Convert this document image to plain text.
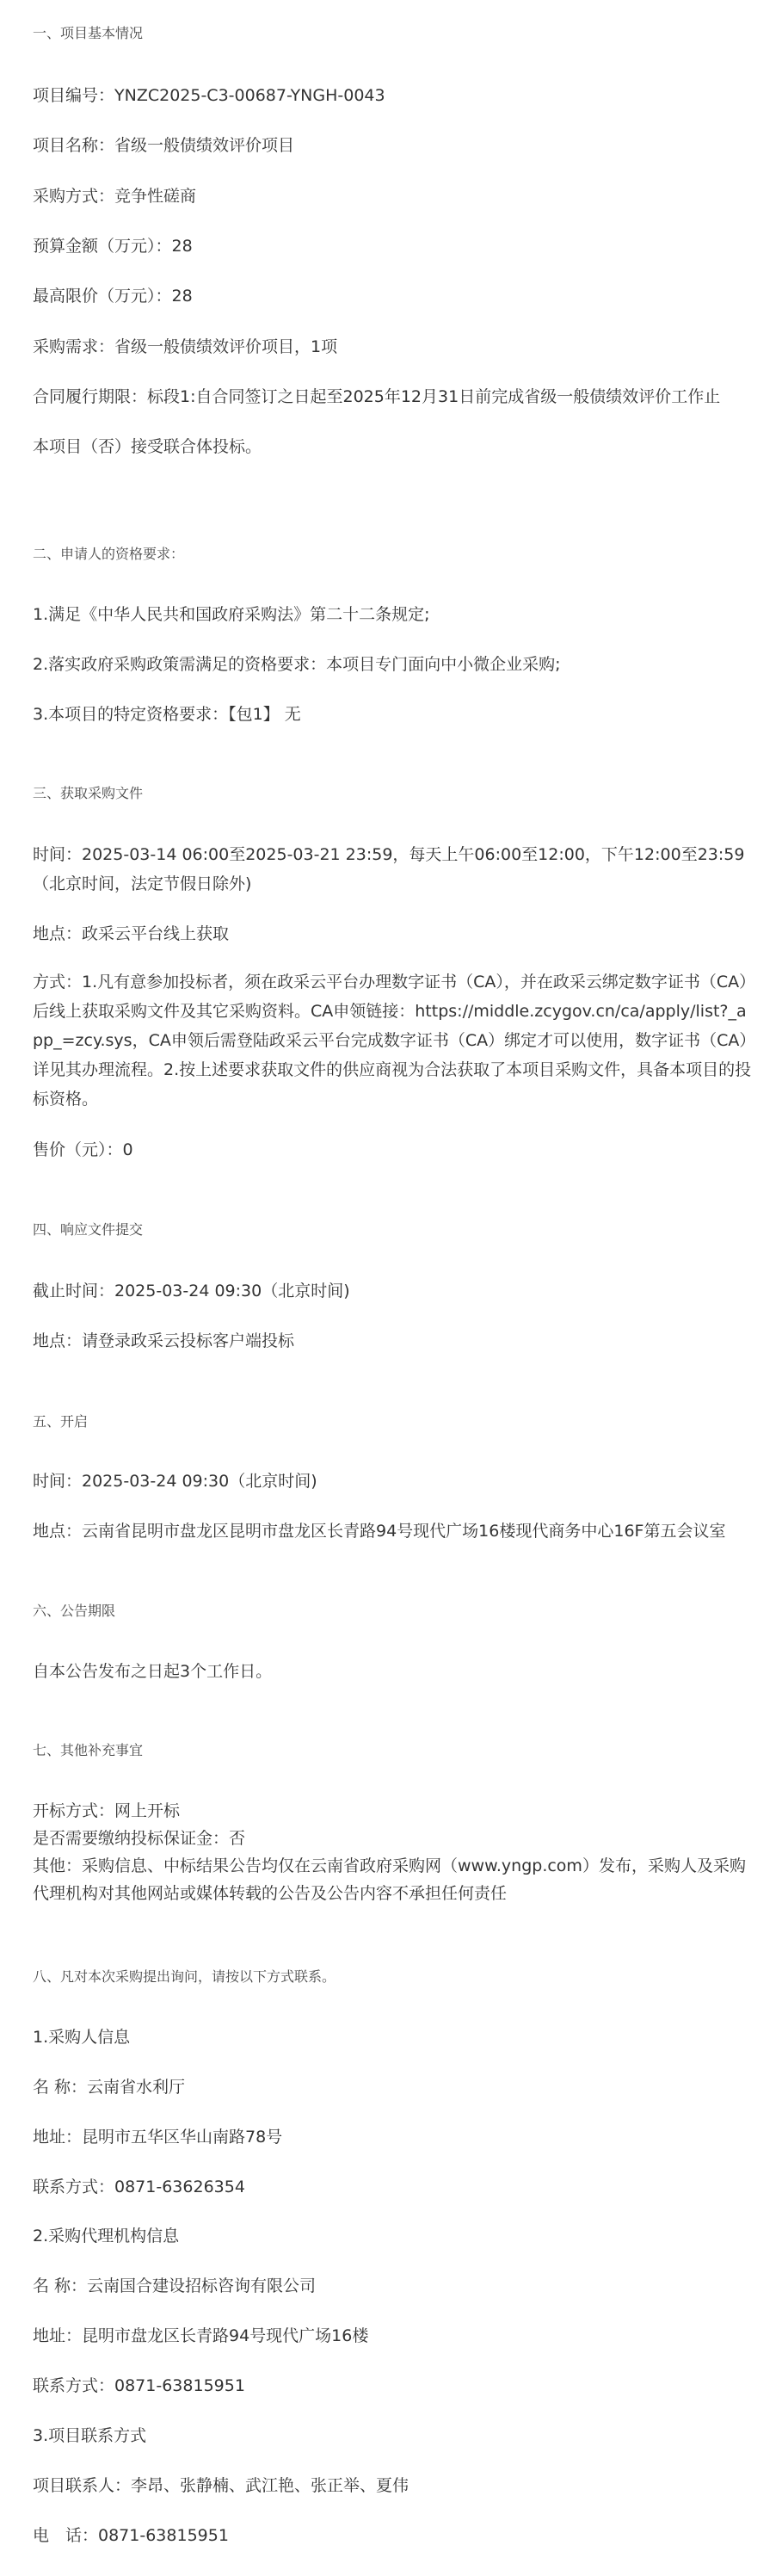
一、项目基本情况
项目编号：YNZC2025-C3-00687-YNGH-0043
项目名称：省级一般债绩效评价项目
采购方式：竞争性磋商
预算金额（万元）：28
最高限价（万元）：28
采购需求：省级一般债绩效评价项目，1项
合同履行期限：标段1:自合同签订之日起至2025年12月31日前完成省级一般债绩效评价工作止
本项目（否）接受联合体投标。
二、申请人的资格要求：
1.满足《中华人民共和国政府采购法》第二十二条规定;
2.落实政府采购政策需满足的资格要求：本项目专门面向中小微企业采购;
3.本项目的特定资格要求：【包1】 无
三、获取采购文件
时间：2025-03-14 06:00至2025-03-21 23:59，每天上午06:00至12:00，下午12:00至23:59（北京时间，法定节假日除外)
地点：政采云平台线上获取
方式：1.凡有意参加投标者，须在政采云平台办理数字证书（CA），并在政采云绑定数字证书（CA）后线上获取采购文件及其它采购资料。CA申领链接：https://middle.zcygov.cn/ca/apply/list?_app_=zcy.sys，CA申领后需登陆政采云平台完成数字证书（CA）绑定才可以使用，数字证书（CA）详见其办理流程。2.按上述要求获取文件的供应商视为合法获取了本项目采购文件，具备本项目的投标资格。
售价（元）：0
四、响应文件提交
截止时间：2025-03-24 09:30（北京时间)
地点：请登录政采云投标客户端投标
五、开启
时间：2025-03-24 09:30（北京时间)
地点：云南省昆明市盘龙区昆明市盘龙区长青路94号现代广场16楼现代商务中心16F第五会议室
六、公告期限
自本公告发布之日起3个工作日。
七、其他补充事宜
开标方式：网上开标
是否需要缴纳投标保证金：否
其他：采购信息、中标结果公告均仅在云南省政府采购网（www.yngp.com）发布，采购人及采购代理机构对其他网站或媒体转载的公告及公告内容不承担任何责任
八、凡对本次采购提出询问，请按以下方式联系。
1.采购人信息
名 称：云南省水利厅
地址：昆明市五华区华山南路78号
联系方式：0871-63626354
2.采购代理机构信息
名 称：云南国合建设招标咨询有限公司
地址：昆明市盘龙区长青路94号现代广场16楼
联系方式：0871-63815951
3.项目联系方式
项目联系人：李昂、张静楠、武江艳、张正举、夏伟
电　话：0871-63815951
